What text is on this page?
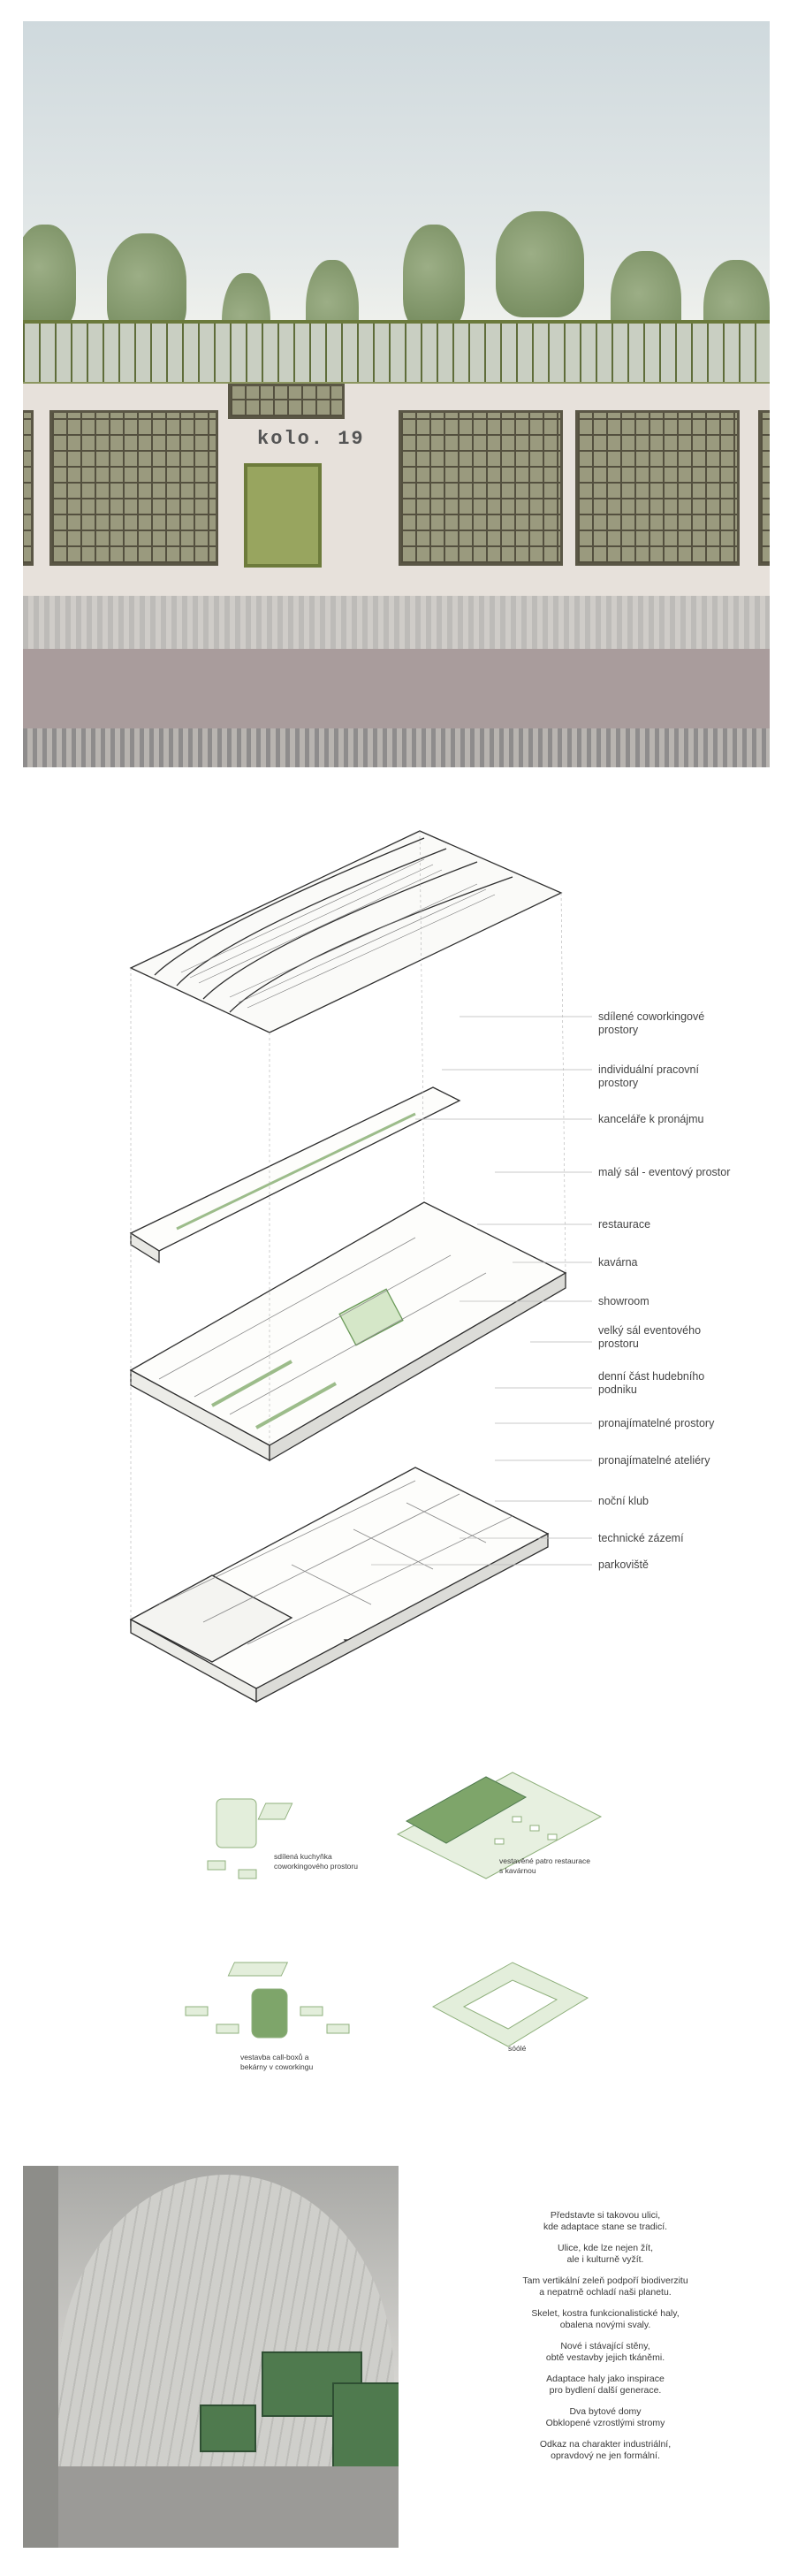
kolo. 19
sdílené coworkingové
prostory
individuální pracovní
prostory
kanceláře k pronájmu
malý sál - eventový prostor
restaurace
kavárna
showroom
velký sál eventového
prostoru
denní část hudebního
podniku
pronajímatelné prostory
pronajímatelné ateliéry
noční klub
technické zázemí
parkoviště
sdílená kuchyňka
coworkingového prostoru
vestavěné patro restaurace
s kavárnou
vestavba call-boxů a
bekárny v coworkingu
sóólé

Představte si takovou ulici,
kde adaptace stane se tradicí.

Ulice, kde lze nejen žít,
ale i kulturně vyžít.

Tam vertikální zeleň podpoří biodiverzitu
a nepatrně ochladí naši planetu.

Skelet, kostra funkcionalistické haly,
obalena novými svaly.

Nové i stávající stěny,
obtě vestavby jejich tkáněmi.

Adaptace haly jako inspirace
pro bydlení další generace.

Dva bytové domy
Obklopené vzrostlými stromy

Odkaz na charakter industriální,
opravdový ne jen formální.
